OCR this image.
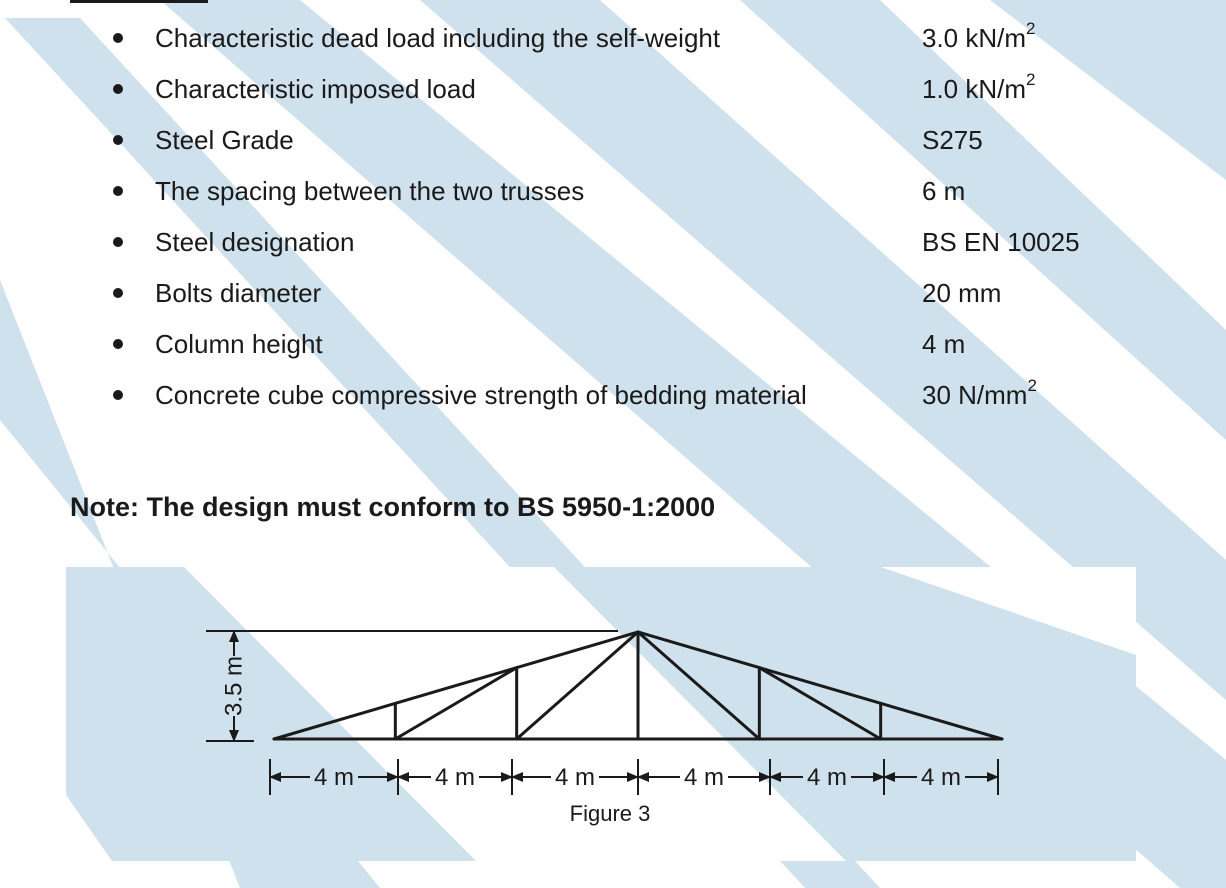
Characteristic dead load including the self-weight	3.0 $kN/m^2$
Characteristic imposed load	1.0 $kN/m^2$
Steel Grade	S275
The spacing between the two trusses	6 m
Steel designation	BS EN 10025
Bolts diameter	20 mm
Column height	4 m
Concrete cube compressive strength of bedding material	30 $N/mm^2$
Note: The design must conform to BS 5950-1:2000
3.5 m
4 m	4 m	4 m	4 m	4 m	4 m
Figure 3
